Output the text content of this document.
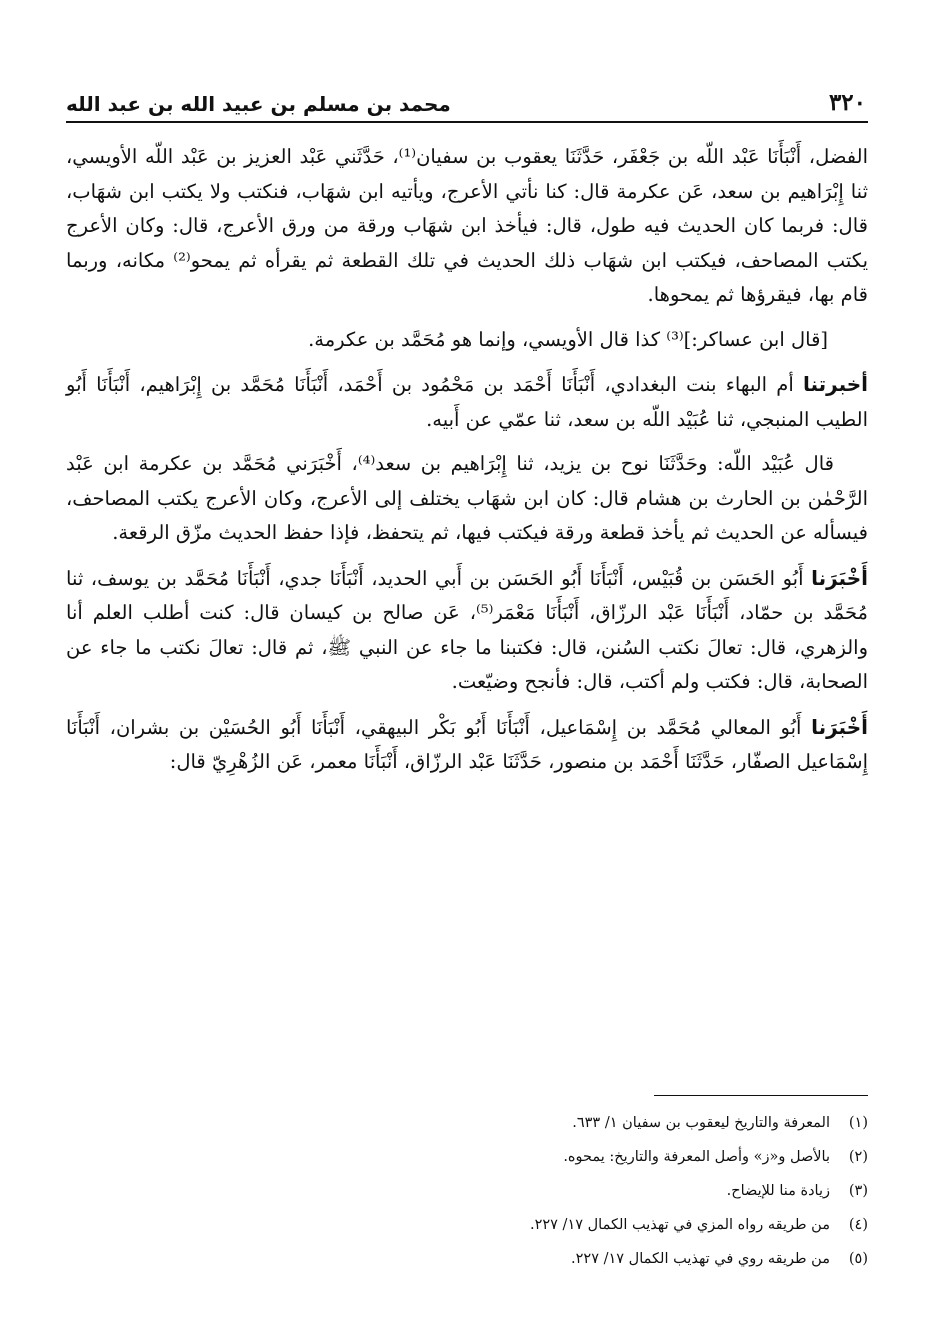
٣٢٠
محمد بن مسلم بن عبيد الله بن عبد الله

الفضل، أَنْبَأَنَا عَبْد اللّه بن جَعْفَر، حَدَّثَنَا يعقوب بن سفيان⁽¹⁾، حَدَّثَني عَبْد العزيز بن عَبْد اللّه الأويسي، ثنا إِبْرَاهيم بن سعد، عَن عكرمة قال: كنا نأتي الأعرج، ويأتيه ابن شهَاب، فنكتب ولا يكتب ابن شهَاب، قال: فربما كان الحديث فيه طول، قال: فيأخذ ابن شهَاب ورقة من ورق الأعرج، قال: وكان الأعرج يكتب المصاحف، فيكتب ابن شهَاب ذلك الحديث في تلك القطعة ثم يقرأه ثم يمحو⁽²⁾ مكانه، وربما قام بها، فيقرؤها ثم يمحوها.

[قال ابن عساكر:]⁽³⁾ كذا قال الأويسي، وإنما هو مُحَمَّد بن عكرمة.

أخبرتنا أم البهاء بنت البغدادي، أَنْبَأَنَا أَحْمَد بن مَحْمُود بن أَحْمَد، أَنْبَأَنَا مُحَمَّد بن إِبْرَاهيم، أَنْبَأَنَا أَبُو الطيب المنبجي، ثنا عُبَيْد اللّه بن سعد، ثنا عمّي عن أَبيه.

قال عُبَيْد اللّه: وحَدَّثَنَا نوح بن يزيد، ثنا إِبْرَاهيم بن سعد⁽⁴⁾، أَخْبَرَني مُحَمَّد بن عكرمة ابن عَبْد الرَّحْمٰن بن الحارث بن هشام قال: كان ابن شهَاب يختلف إلى الأعرج، وكان الأعرج يكتب المصاحف، فيسأله عن الحديث ثم يأخذ قطعة ورقة فيكتب فيها، ثم يتحفظ، فإذا حفظ الحديث مزّق الرقعة.

أَخْبَرَنا أَبُو الحَسَن بن قُبَيْس، أَنْبَأَنَا أَبُو الحَسَن بن أَبي الحديد، أَنْبَأَنَا جدي، أَنْبَأَنَا مُحَمَّد بن يوسف، ثنا مُحَمَّد بن حمّاد، أَنْبَأَنَا عَبْد الرزّاق، أَنْبَأَنَا مَعْمَر⁽⁵⁾، عَن صالح بن كيسان قال: كنت أطلب العلم أنا والزهري، قال: تعالَ نكتب السُنن، قال: فكتبنا ما جاء عن النبي ﷺ، ثم قال: تعالَ نكتب ما جاء عن الصحابة، قال: فكتب ولم أكتب، قال: فأنجح وضيّعت.

أَخْبَرَنا أَبُو المعالي مُحَمَّد بن إِسْمَاعيل، أَنْبَأَنَا أَبُو بَكْر البيهقي، أَنْبَأَنَا أَبُو الحُسَيْن بن بشران، أَنْبَأَنَا إِسْمَاعيل الصفّار، حَدَّثَنَا أَحْمَد بن منصور، حَدَّثَنَا عَبْد الرزّاق، أَنْبَأَنَا معمر، عَن الزُهْرِيّ قال:

(١)
المعرفة والتاريخ ليعقوب بن سفيان ١/ ٦٣٣.
(٢)
بالأصل و«ز» وأصل المعرفة والتاريخ: يمحوه.
(٣)
زيادة منا للإيضاح.
(٤)
من طريقه رواه المزي في تهذيب الكمال ١٧/ ٢٢٧.
(٥)
من طريقه روي في تهذيب الكمال ١٧/ ٢٢٧.
